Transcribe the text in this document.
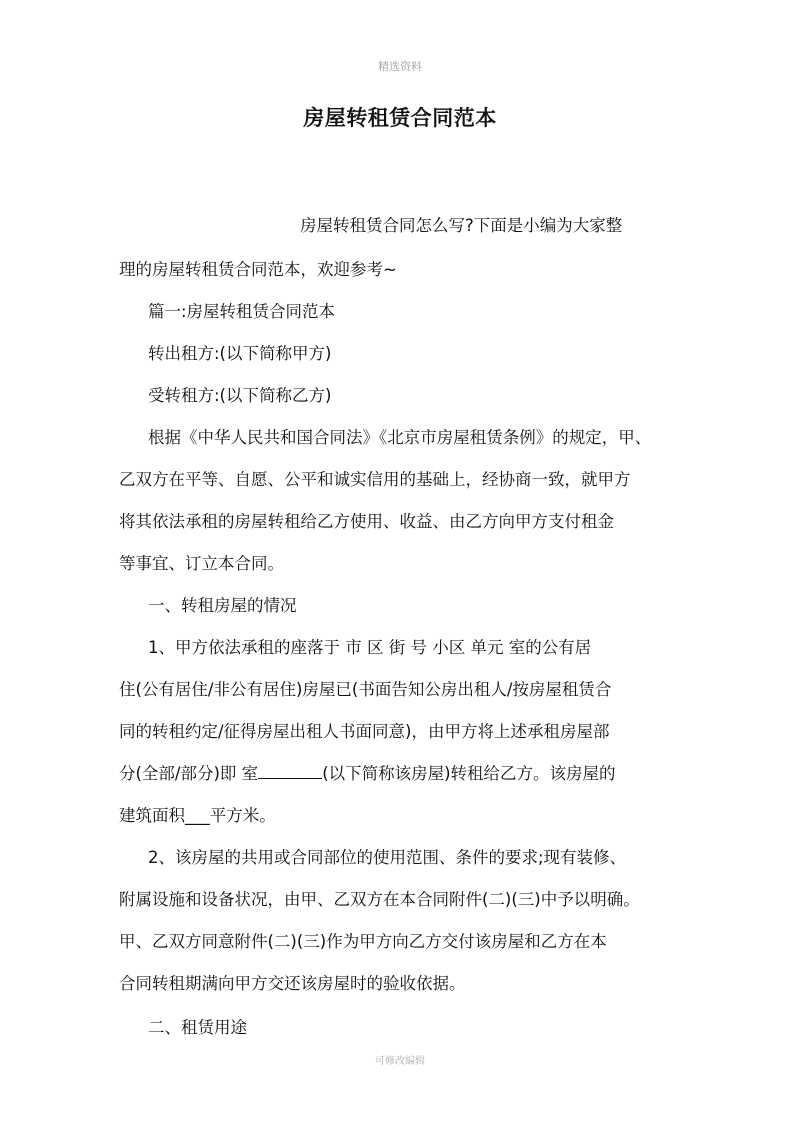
精选资料
房屋转租赁合同范本
房屋转租赁合同怎么写?下面是小编为大家整
理的房屋转租赁合同范本，欢迎参考~
篇一:房屋转租赁合同范本
转出租方:(以下简称甲方)
受转租方:(以下简称乙方)
根据《中华人民共和国合同法》《北京市房屋租赁条例》的规定，甲、
乙双方在平等、自愿、公平和诚实信用的基础上，经协商一致，就甲方
将其依法承租的房屋转租给乙方使用、收益、由乙方向甲方支付租金
等事宜、订立本合同。
一、转租房屋的情况
1、甲方依法承租的座落于 市 区 街 号 小区 单元 室的公有居
住(公有居住/非公有居住)房屋已(书面告知公房出租人/按房屋租赁合
同的转租约定/征得房屋出租人书面同意)，由甲方将上述承租房屋部
建筑面积___平方米。
2、该房屋的共用或合同部位的使用范围、条件的要求;现有装修、
附属设施和设备状况，由甲、乙双方在本合同附件(二)(三)中予以明确。
甲、乙双方同意附件(二)(三)作为甲方向乙方交付该房屋和乙方在本
合同转租期满向甲方交还该房屋时的验收依据。
二、租赁用途
分(全部/部分)即 室	(以下简称该房屋)转租给乙方。该房屋的
可修改编辑
